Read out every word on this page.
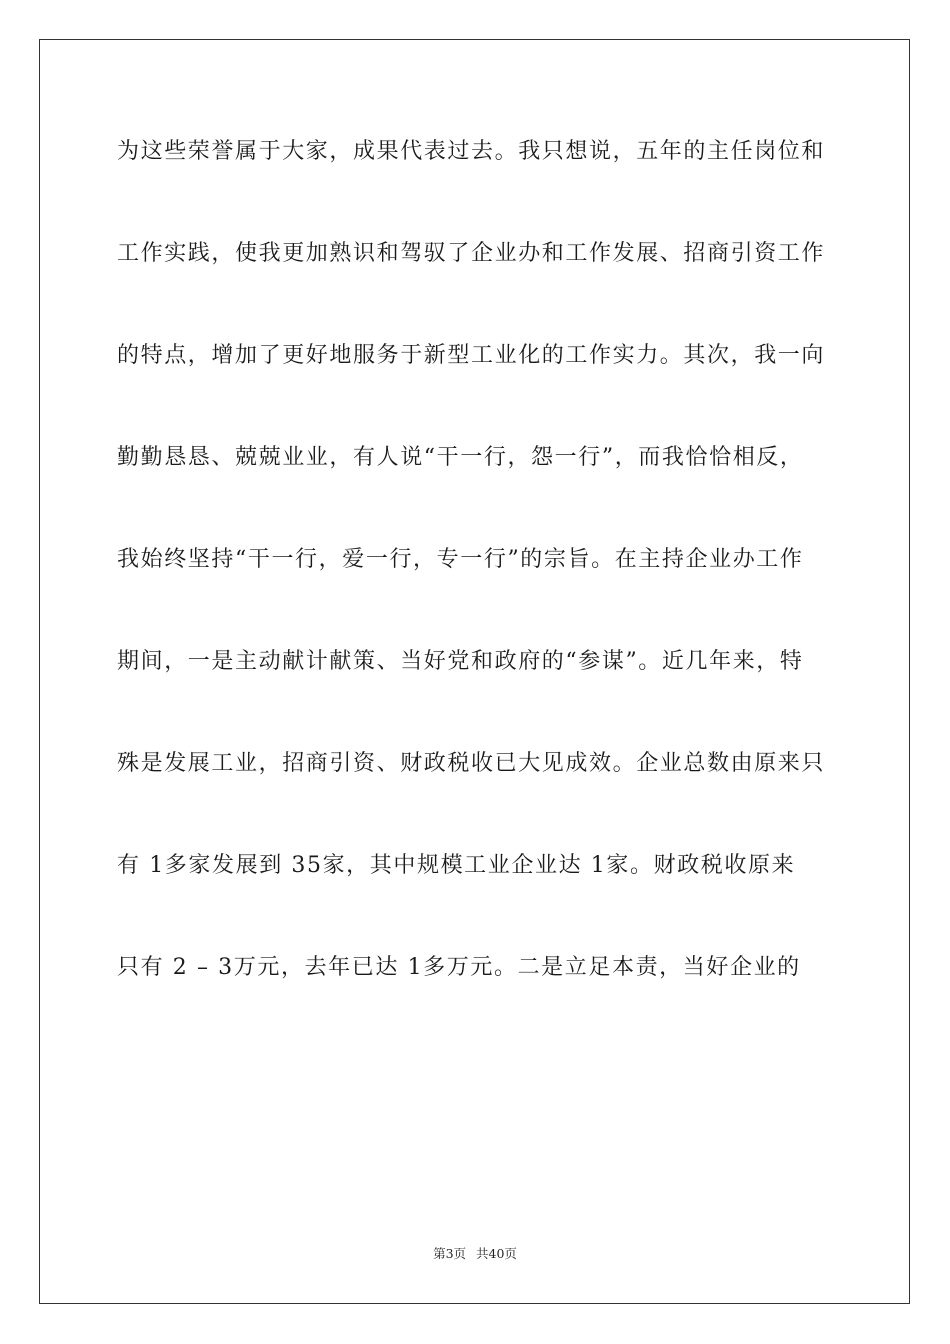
为这些荣誉属于大家，成果代表过去。我只想说，五年的主任岗位和
工作实践，使我更加熟识和驾驭了企业办和工作发展、招商引资工作
的特点，增加了更好地服务于新型工业化的工作实力。其次，我一向
勤勤恳恳、兢兢业业，有人说“干一行，怨一行”，而我恰恰相反，
我始终坚持“干一行，爱一行，专一行”的宗旨。在主持企业办工作
期间，一是主动献计献策、当好党和政府的“参谋”。近几年来，特
殊是发展工业，招商引资、财政税收已大见成效。企业总数由原来只
有 1多家发展到 35家，其中规模工业企业达 1家。财政税收原来
只有 2 – 3万元，去年已达 1多万元。二是立足本责，当好企业的
第3页 共40页
